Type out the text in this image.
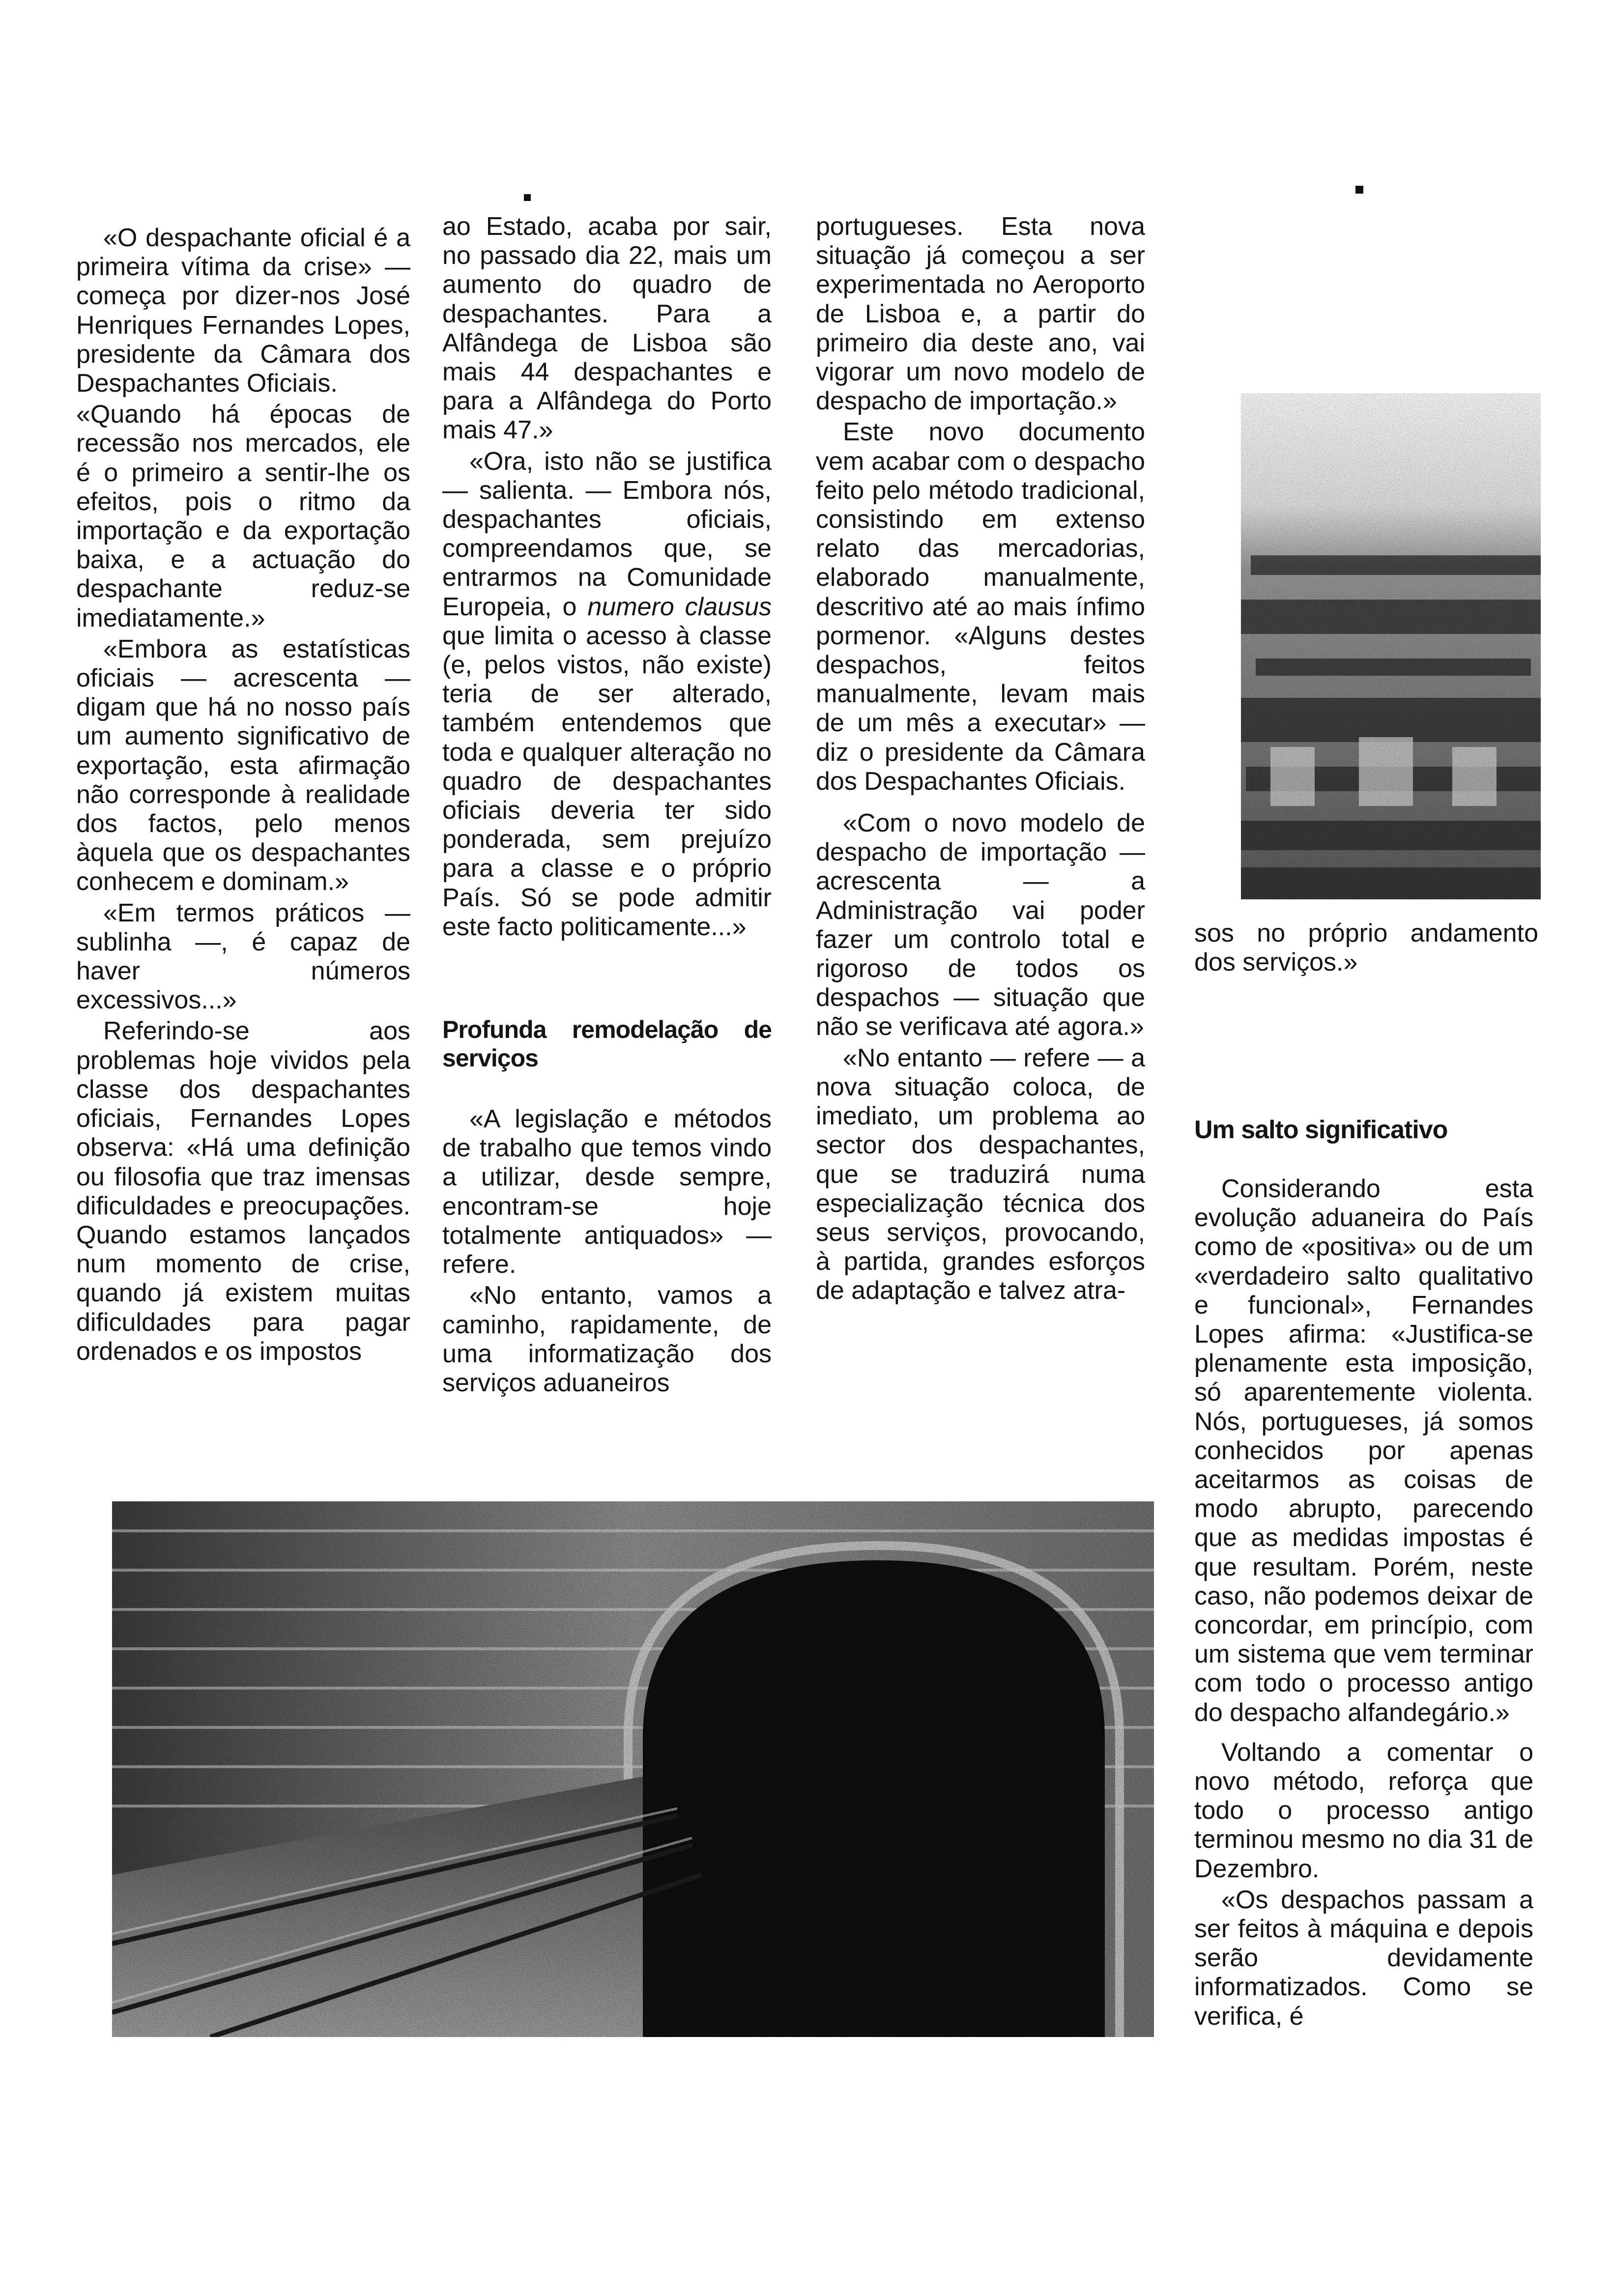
«O despachante oficial é a primeira vítima da crise» — começa por dizer-nos José Henriques Fernandes Lopes, presidente da Câmara dos Despachantes Oficiais.

«Quando há épocas de recessão nos mercados, ele é o primeiro a sentir-lhe os efeitos, pois o ritmo da importação e da exportação baixa, e a actuação do despachante reduz-se imediatamente.»

«Embora as estatísticas oficiais — acrescenta — digam que há no nosso país um aumento significativo de exportação, esta afirmação não corresponde à realidade dos factos, pelo menos àquela que os despachantes conhecem e dominam.»

«Em termos práticos — sublinha —, é capaz de haver números excessivos...»

Referindo-se aos problemas hoje vividos pela classe dos despachantes oficiais, Fernandes Lopes observa: «Há uma definição ou filosofia que traz imensas dificuldades e preocupações. Quando estamos lançados num momento de crise, quando já existem muitas dificuldades para pagar ordenados e os impostos

ao Estado, acaba por sair, no passado dia 22, mais um aumento do quadro de despachantes. Para a Alfândega de Lisboa são mais 44 despachantes e para a Alfândega do Porto mais 47.»

«Ora, isto não se justifica — salienta. — Embora nós, despachantes oficiais, compreendamos que, se entrarmos na Comunidade Europeia, o numero clausus que limita o acesso à classe (e, pelos vistos, não existe) teria de ser alterado, também entendemos que toda e qualquer alteração no quadro de despachantes oficiais deveria ter sido ponderada, sem prejuízo para a classe e o próprio País. Só se pode admitir este facto politicamente...»

Profunda remodelação de serviços

«A legislação e métodos de trabalho que temos vindo a utilizar, desde sempre, encontram-se hoje totalmente antiquados» — refere.

«No entanto, vamos a caminho, rapidamente, de uma informatização dos serviços aduaneiros

portugueses. Esta nova situação já começou a ser experimentada no Aeroporto de Lisboa e, a partir do primeiro dia deste ano, vai vigorar um novo modelo de despacho de importação.»

Este novo documento vem acabar com o despacho feito pelo método tradicional, consistindo em extenso relato das mercadorias, elaborado manualmente, descritivo até ao mais ínfimo pormenor. «Alguns destes despachos, feitos manualmente, levam mais de um mês a executar» — diz o presidente da Câmara dos Despachantes Oficiais.

«Com o novo modelo de despacho de importação — acrescenta — a Administração vai poder fazer um controlo total e rigoroso de todos os despachos — situação que não se verificava até agora.»

«No entanto — refere — a nova situação coloca, de imediato, um problema ao sector dos despachantes, que se traduzirá numa especialização técnica dos seus serviços, provocando, à partida, grandes esforços de adaptação e talvez atra-

sos no próprio andamento dos serviços.»

Um salto significativo

Considerando esta evolução aduaneira do País como de «positiva» ou de um «verdadeiro salto qualitativo e funcional», Fernandes Lopes afirma: «Justifica-se plenamente esta imposição, só aparentemente violenta. Nós, portugueses, já somos conhecidos por apenas aceitarmos as coisas de modo abrupto, parecendo que as medidas impostas é que resultam. Porém, neste caso, não podemos deixar de concordar, em princípio, com um sistema que vem terminar com todo o processo antigo do despacho alfandegário.»

Voltando a comentar o novo método, reforça que todo o processo antigo terminou mesmo no dia 31 de Dezembro.

«Os despachos passam a ser feitos à máquina e depois serão devidamente informatizados. Como se verifica, é
